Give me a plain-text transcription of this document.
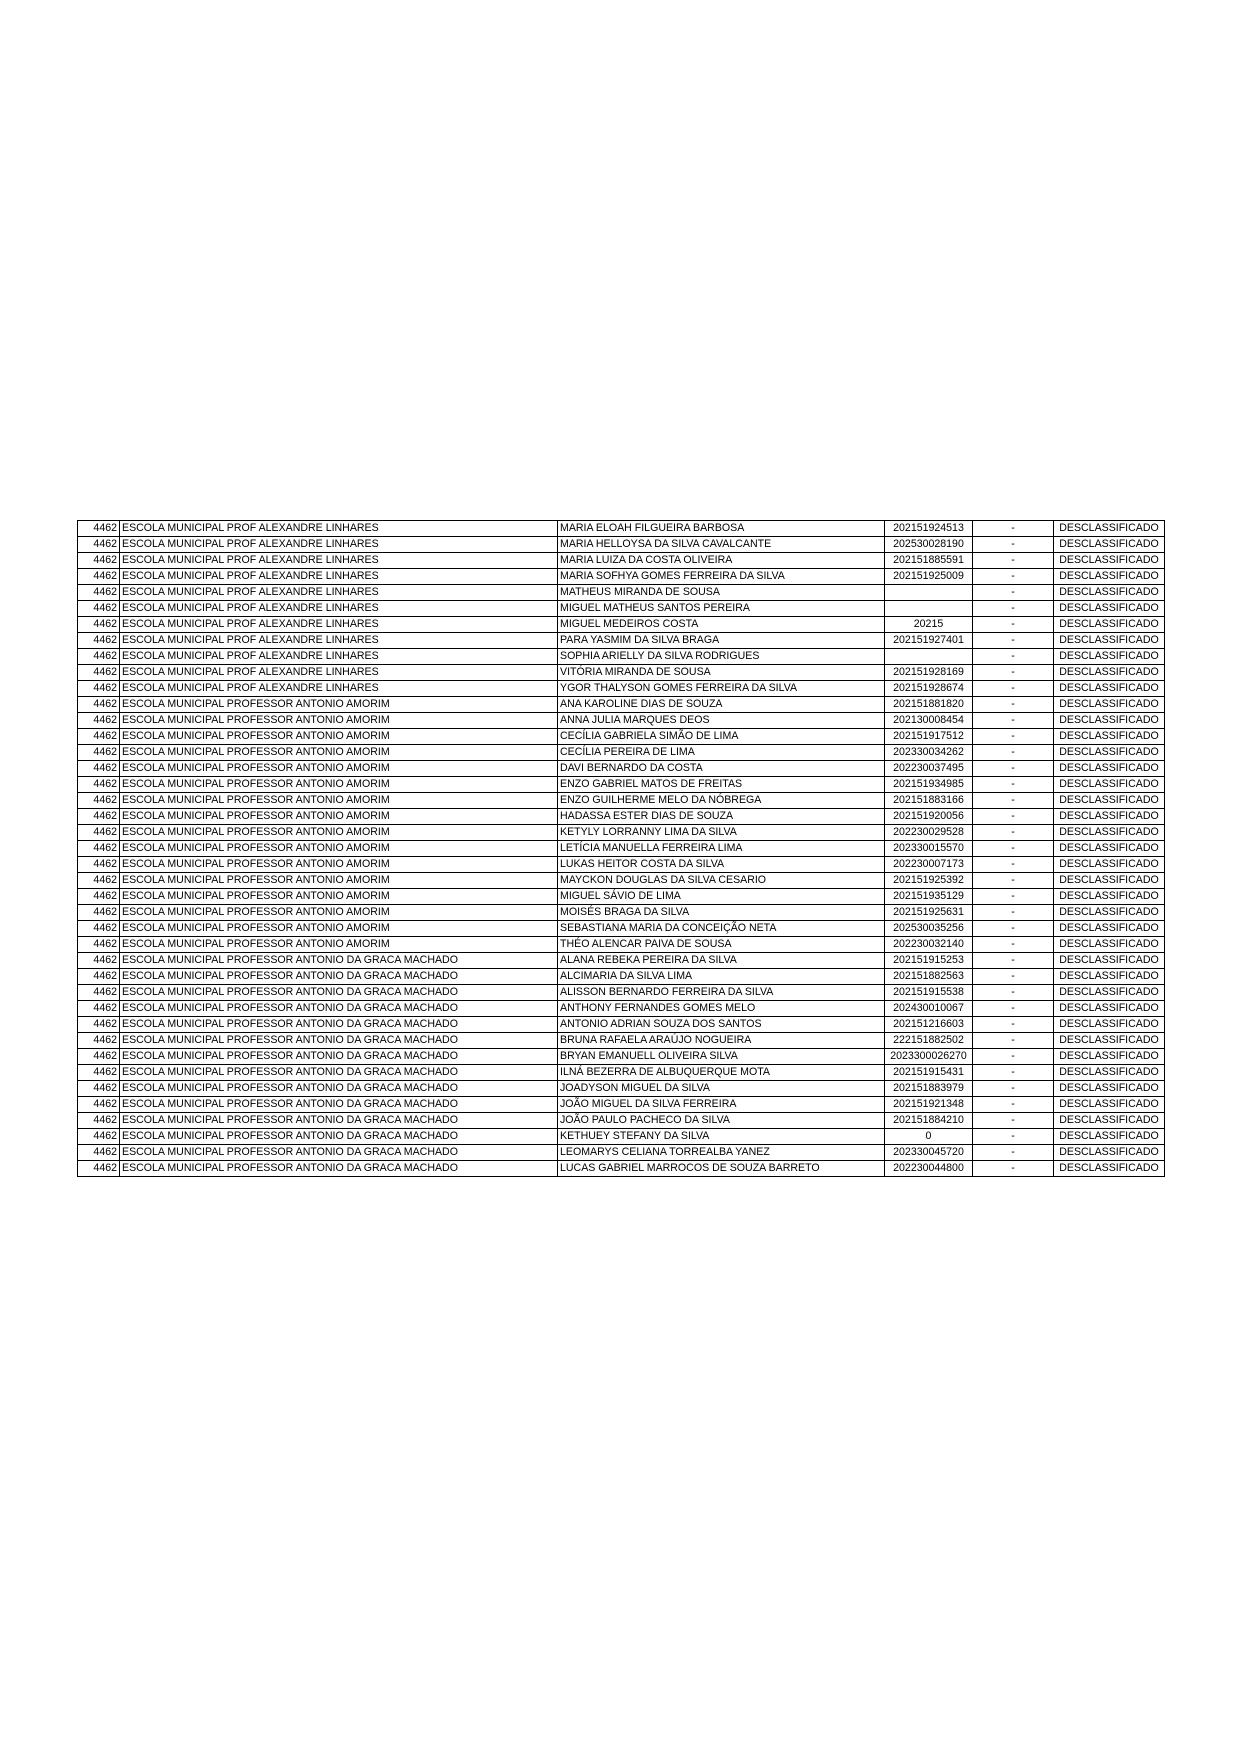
4462	ESCOLA MUNICIPAL PROF ALEXANDRE LINHARES	MARIA ELOAH FILGUEIRA BARBOSA	202151924513	-	DESCLASSIFICADO
4462	ESCOLA MUNICIPAL PROF ALEXANDRE LINHARES	MARIA HELLOYSA DA SILVA CAVALCANTE	202530028190	-	DESCLASSIFICADO
4462	ESCOLA MUNICIPAL PROF ALEXANDRE LINHARES	MARIA LUIZA DA COSTA OLIVEIRA	202151885591	-	DESCLASSIFICADO
4462	ESCOLA MUNICIPAL PROF ALEXANDRE LINHARES	MARIA SOFHYA GOMES FERREIRA DA SILVA	202151925009	-	DESCLASSIFICADO
4462	ESCOLA MUNICIPAL PROF ALEXANDRE LINHARES	MATHEUS MIRANDA DE SOUSA		-	DESCLASSIFICADO
4462	ESCOLA MUNICIPAL PROF ALEXANDRE LINHARES	MIGUEL MATHEUS SANTOS PEREIRA		-	DESCLASSIFICADO
4462	ESCOLA MUNICIPAL PROF ALEXANDRE LINHARES	MIGUEL MEDEIROS COSTA	20215	-	DESCLASSIFICADO
4462	ESCOLA MUNICIPAL PROF ALEXANDRE LINHARES	PARA YASMIM DA SILVA BRAGA	202151927401	-	DESCLASSIFICADO
4462	ESCOLA MUNICIPAL PROF ALEXANDRE LINHARES	SOPHIA ARIELLY DA SILVA RODRIGUES		-	DESCLASSIFICADO
4462	ESCOLA MUNICIPAL PROF ALEXANDRE LINHARES	VITÓRIA MIRANDA DE SOUSA	202151928169	-	DESCLASSIFICADO
4462	ESCOLA MUNICIPAL PROF ALEXANDRE LINHARES	YGOR THALYSON GOMES FERREIRA DA SILVA	202151928674	-	DESCLASSIFICADO
4462	ESCOLA MUNICIPAL PROFESSOR ANTONIO AMORIM	ANA KAROLINE DIAS DE SOUZA	202151881820	-	DESCLASSIFICADO
4462	ESCOLA MUNICIPAL PROFESSOR ANTONIO AMORIM	ANNA JULIA MARQUES DEOS	202130008454	-	DESCLASSIFICADO
4462	ESCOLA MUNICIPAL PROFESSOR ANTONIO AMORIM	CECÍLIA GABRIELA SIMÃO DE LIMA	202151917512	-	DESCLASSIFICADO
4462	ESCOLA MUNICIPAL PROFESSOR ANTONIO AMORIM	CECÍLIA PEREIRA DE LIMA	202330034262	-	DESCLASSIFICADO
4462	ESCOLA MUNICIPAL PROFESSOR ANTONIO AMORIM	DAVI BERNARDO DA COSTA	202230037495	-	DESCLASSIFICADO
4462	ESCOLA MUNICIPAL PROFESSOR ANTONIO AMORIM	ENZO GABRIEL MATOS DE FREITAS	202151934985	-	DESCLASSIFICADO
4462	ESCOLA MUNICIPAL PROFESSOR ANTONIO AMORIM	ENZO GUILHERME MELO DA NÓBREGA	202151883166	-	DESCLASSIFICADO
4462	ESCOLA MUNICIPAL PROFESSOR ANTONIO AMORIM	HADASSA ESTER DIAS DE SOUZA	202151920056	-	DESCLASSIFICADO
4462	ESCOLA MUNICIPAL PROFESSOR ANTONIO AMORIM	KETYLY LORRANNY LIMA DA SILVA	202230029528	-	DESCLASSIFICADO
4462	ESCOLA MUNICIPAL PROFESSOR ANTONIO AMORIM	LETÍCIA MANUELLA FERREIRA LIMA	202330015570	-	DESCLASSIFICADO
4462	ESCOLA MUNICIPAL PROFESSOR ANTONIO AMORIM	LUKAS HEITOR COSTA DA SILVA	202230007173	-	DESCLASSIFICADO
4462	ESCOLA MUNICIPAL PROFESSOR ANTONIO AMORIM	MAYCKON DOUGLAS DA SILVA CESARIO	202151925392	-	DESCLASSIFICADO
4462	ESCOLA MUNICIPAL PROFESSOR ANTONIO AMORIM	MIGUEL SÁVIO DE LIMA	202151935129	-	DESCLASSIFICADO
4462	ESCOLA MUNICIPAL PROFESSOR ANTONIO AMORIM	MOISÉS BRAGA DA SILVA	202151925631	-	DESCLASSIFICADO
4462	ESCOLA MUNICIPAL PROFESSOR ANTONIO AMORIM	SEBASTIANA MARIA DA CONCEIÇÃO NETA	202530035256	-	DESCLASSIFICADO
4462	ESCOLA MUNICIPAL PROFESSOR ANTONIO AMORIM	THÉO ALENCAR PAIVA DE SOUSA	202230032140	-	DESCLASSIFICADO
4462	ESCOLA MUNICIPAL PROFESSOR ANTONIO DA GRACA MACHADO	ALANA REBEKA PEREIRA DA SILVA	202151915253	-	DESCLASSIFICADO
4462	ESCOLA MUNICIPAL PROFESSOR ANTONIO DA GRACA MACHADO	ALCIMARIA DA SILVA LIMA	202151882563	-	DESCLASSIFICADO
4462	ESCOLA MUNICIPAL PROFESSOR ANTONIO DA GRACA MACHADO	ALISSON BERNARDO FERREIRA DA SILVA	202151915538	-	DESCLASSIFICADO
4462	ESCOLA MUNICIPAL PROFESSOR ANTONIO DA GRACA MACHADO	ANTHONY FERNANDES GOMES MELO	202430010067	-	DESCLASSIFICADO
4462	ESCOLA MUNICIPAL PROFESSOR ANTONIO DA GRACA MACHADO	ANTONIO ADRIAN SOUZA DOS SANTOS	202151216603	-	DESCLASSIFICADO
4462	ESCOLA MUNICIPAL PROFESSOR ANTONIO DA GRACA MACHADO	BRUNA RAFAELA ARAÚJO NOGUEIRA	222151882502	-	DESCLASSIFICADO
4462	ESCOLA MUNICIPAL PROFESSOR ANTONIO DA GRACA MACHADO	BRYAN EMANUELL OLIVEIRA SILVA	2023300026270	-	DESCLASSIFICADO
4462	ESCOLA MUNICIPAL PROFESSOR ANTONIO DA GRACA MACHADO	ILNÁ BEZERRA DE ALBUQUERQUE MOTA	202151915431	-	DESCLASSIFICADO
4462	ESCOLA MUNICIPAL PROFESSOR ANTONIO DA GRACA MACHADO	JOADYSON MIGUEL DA SILVA	202151883979	-	DESCLASSIFICADO
4462	ESCOLA MUNICIPAL PROFESSOR ANTONIO DA GRACA MACHADO	JOÃO MIGUEL DA SILVA FERREIRA	202151921348	-	DESCLASSIFICADO
4462	ESCOLA MUNICIPAL PROFESSOR ANTONIO DA GRACA MACHADO	JOÃO PAULO PACHECO DA SILVA	202151884210	-	DESCLASSIFICADO
4462	ESCOLA MUNICIPAL PROFESSOR ANTONIO DA GRACA MACHADO	KETHUEY STEFANY DA SILVA	0	-	DESCLASSIFICADO
4462	ESCOLA MUNICIPAL PROFESSOR ANTONIO DA GRACA MACHADO	LEOMARYS CELIANA TORREALBA YANEZ	202330045720	-	DESCLASSIFICADO
4462	ESCOLA MUNICIPAL PROFESSOR ANTONIO DA GRACA MACHADO	LUCAS GABRIEL MARROCOS DE SOUZA BARRETO	202230044800	-	DESCLASSIFICADO
